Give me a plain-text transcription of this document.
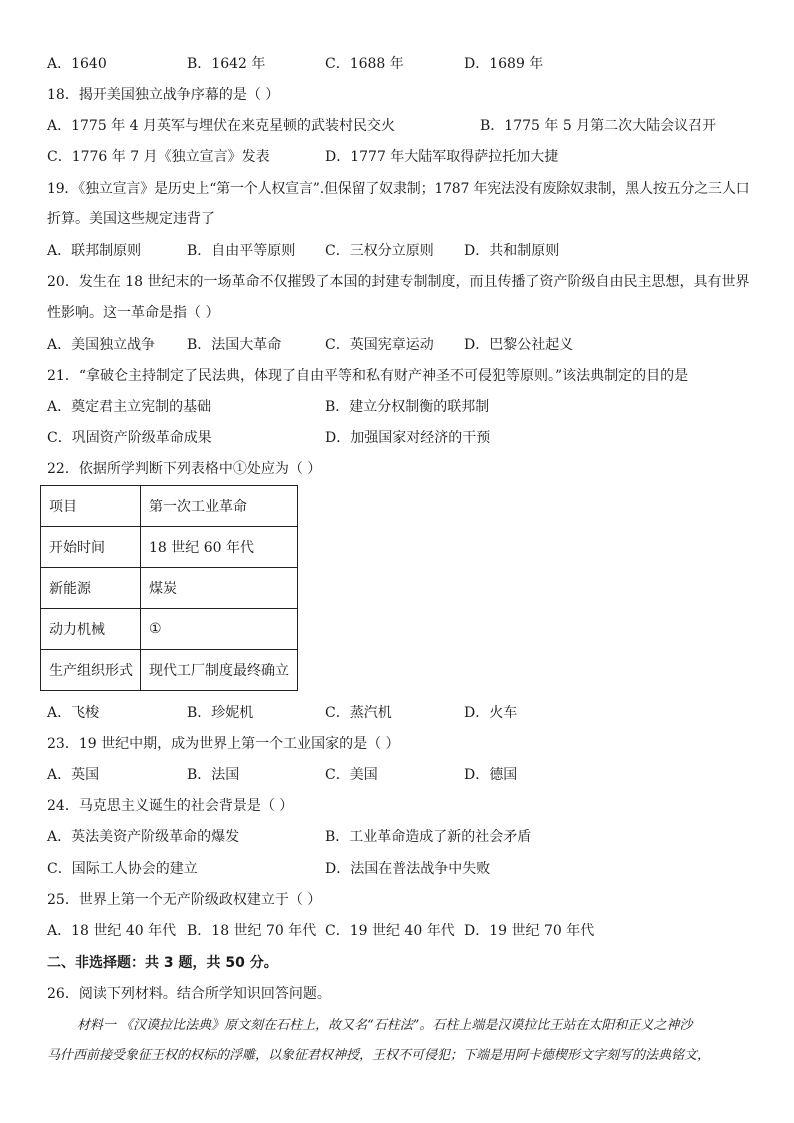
A．1640	B．1642 年	C．1688 年	D．1689 年
18．揭开美国独立战争序幕的是（ ）
A．1775 年 4 月英军与埋伏在来克星顿的武装村民交火	B．1775 年 5 月第二次大陆会议召开
C．1776 年 7 月《独立宣言》发表	D．1777 年大陆军取得萨拉托加大捷
19．《独立宣言》是历史上“第一个人权宣言”.但保留了奴隶制；1787 年宪法没有废除奴隶制，黑人按五分之三人口
折算。美国这些规定违背了
A．联邦制原则	B．自由平等原则 C．三权分立原则 D．共和制原则
20．发生在 18 世纪末的一场革命不仅摧毁了本国的封建专制制度，而且传播了资产阶级自由民主思想，具有世界
性影响。这一革命是指（ ）
A．美国独立战争 B．法国大革命	C．英国宪章运动 D．巴黎公社起义
21．“拿破仑主持制定了民法典，体现了自由平等和私有财产神圣不可侵犯等原则。”该法典制定的目的是
A．奠定君主立宪制的基础	B．建立分权制衡的联邦制
C．巩固资产阶级革命成果	D．加强国家对经济的干预
22．依据所学判断下列表格中①处应为（ ）
项目	第一次工业革命
开始时间	18 世纪 60 年代
新能源	煤炭
动力机械	①
生产组织形式	现代工厂制度最终确立
A．飞梭	B．珍妮机	C．蒸汽机	D．火车
23．19 世纪中期，成为世界上第一个工业国家的是（ ）
A．英国	B．法国	C．美国	D．德国
24．马克思主义诞生的社会背景是（ ）
A．英法美资产阶级革命的爆发	B．工业革命造成了新的社会矛盾
C．国际工人协会的建立	D．法国在普法战争中失败
25．世界上第一个无产阶级政权建立于（ ）
A．18 世纪 40 年代 B．18 世纪 70 年代 C．19 世纪 40 年代 D．19 世纪 70 年代
二、非选择题：共 3 题，共 50 分。
26．阅读下列材料。结合所学知识回答问题。
材料一 《汉谟拉比法典》原文刻在石柱上，故又名“石柱法”。石柱上端是汉谟拉比王站在太阳和正义之神沙
马什西前接受象征王权的权标的浮雕，以象征君权神授，王权不可侵犯；下端是用阿卡德楔形文字刻写的法典铭文，
